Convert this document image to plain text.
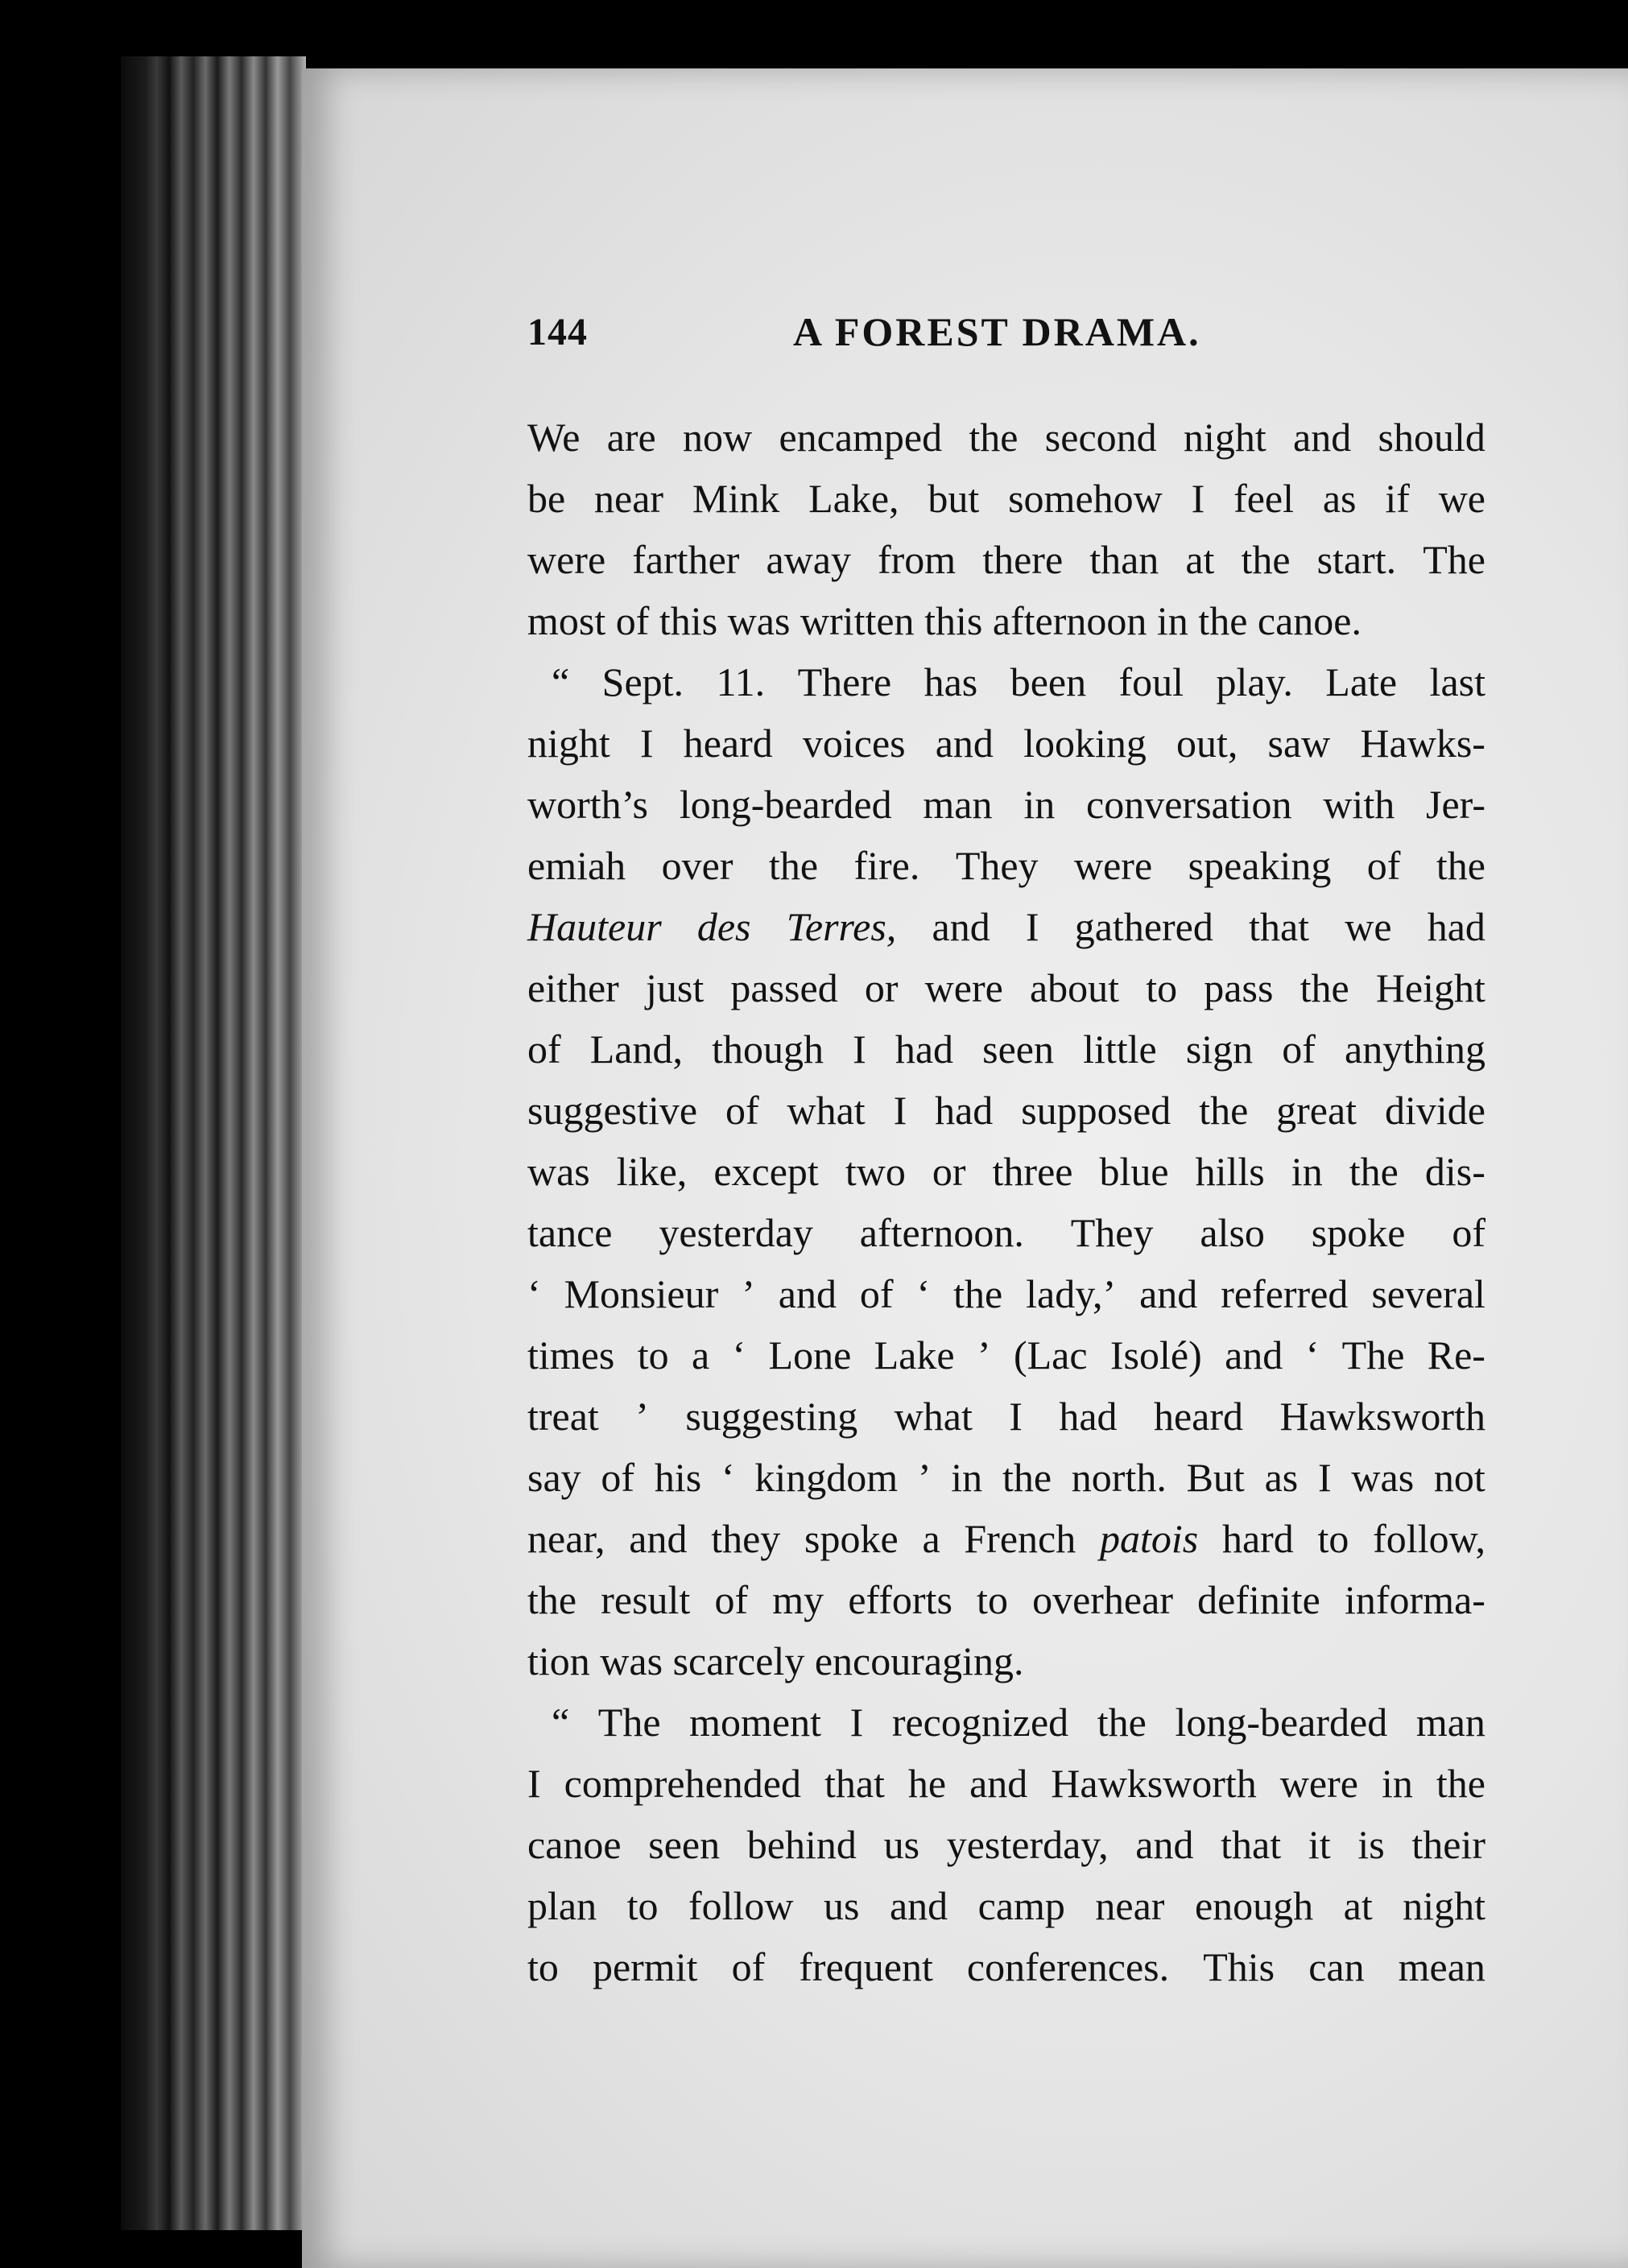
144	A FOREST DRAMA.
We are now encamped the second night and should
be near Mink Lake, but somehow I feel as if we
were farther away from there than at the start. The
most
of
this
was
written
this
afternoon
in
the
canoe.

“ Sept. 11. There has been foul play. Late last
night I heard voices and looking out, saw Hawks-
worth’s long-bearded man in conversation with Jer-
emiah over the fire. They were speaking of the
Hauteur des Terres, and I gathered that we had
either just passed or were about to pass the Height
of Land, though I had seen little sign of anything
suggestive of what I had supposed the great divide
was like, except two or three blue hills in the dis-
tance yesterday afternoon. They also spoke of
‘ Monsieur ’ and of ‘ the lady,’ and referred several
times to a ‘ Lone Lake ’ (Lac Isolé) and ‘ The Re-
treat ’ suggesting what I had heard Hawksworth
say of his ‘ kingdom ’ in the north. But as I was not
near, and they spoke a French patois hard to follow,
the result of my efforts to overhear definite informa-
tion
was
scarcely
encouraging.

“ The moment I recognized the long-bearded man
I comprehended that he and Hawksworth were in the
canoe seen behind us yesterday, and that it is their
plan to follow us and camp near enough at night
to permit of frequent conferences. This can mean
